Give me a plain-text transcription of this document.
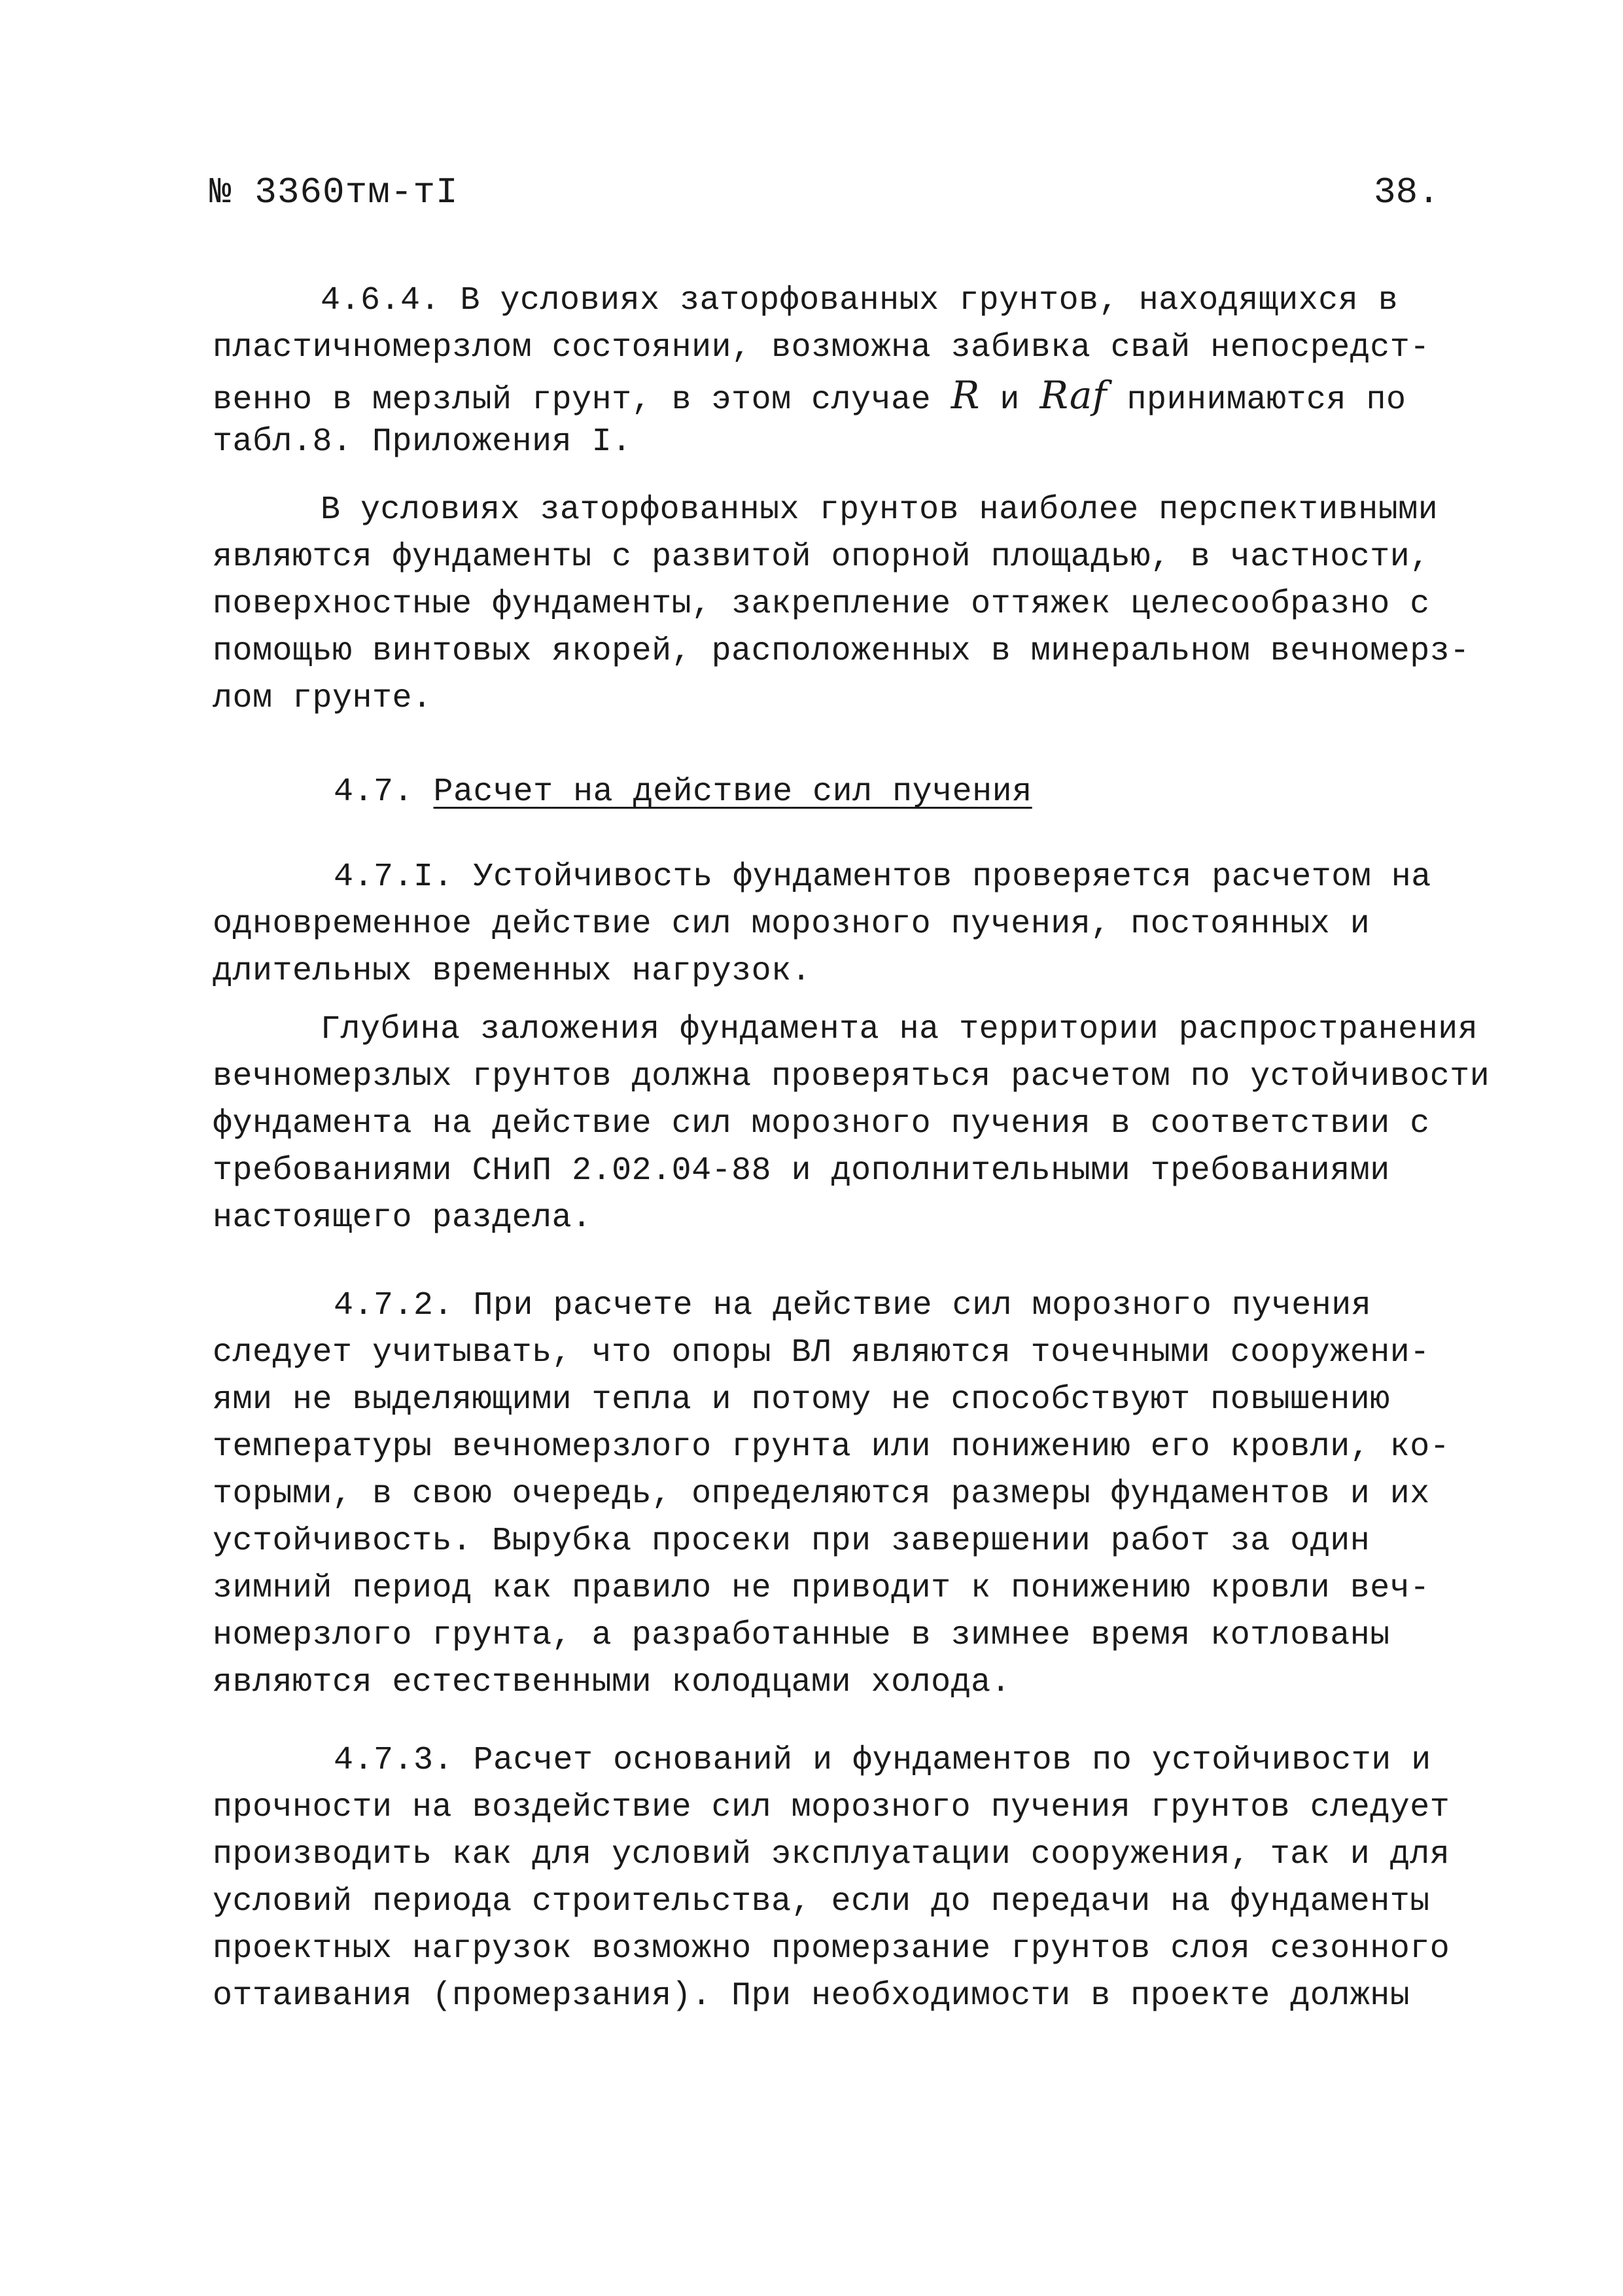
№ 3360тм-тI	38.
4.6.4. В условиях заторфованных грунтов, находящихся в
пластичномерзлом состоянии, возможна забивка свай непосредст-
венно в мерзлый грунт, в этом случае R и Raf принимаются по
табл.8. Приложения I.
В условиях заторфованных грунтов наиболее перспективными
являются фундаменты с развитой опорной площадью, в частности,
поверхностные фундаменты, закрепление оттяжек целесообразно с
помощью винтовых якорей, расположенных в минеральном вечномерз-
лом грунте.
4.7. Расчет на действие сил пучения
4.7.I. Устойчивость фундаментов проверяется расчетом на
одновременное действие сил морозного пучения, постоянных и
длительных временных нагрузок.
Глубина заложения фундамента на территории распространения
вечномерзлых грунтов должна проверяться расчетом по устойчивости
фундамента на действие сил морозного пучения в соответствии с
требованиями СНиП 2.02.04-88 и дополнительными требованиями
настоящего раздела.
4.7.2. При расчете на действие сил морозного пучения
следует учитывать, что опоры ВЛ являются точечными сооружени-
ями не выделяющими тепла и потому не способствуют повышению
температуры вечномерзлого грунта или понижению его кровли, ко-
торыми, в свою очередь, определяются размеры фундаментов и их
устойчивость. Вырубка просеки при завершении работ за один
зимний период как правило не приводит к понижению кровли веч-
номерзлого грунта, а разработанные в зимнее время котлованы
являются естественными колодцами холода.
4.7.3. Расчет оснований и фундаментов по устойчивости и
прочности на воздействие сил морозного пучения грунтов следует
производить как для условий эксплуатации сооружения, так и для
условий периода строительства, если до передачи на фундаменты
проектных нагрузок возможно промерзание грунтов слоя сезонного
оттаивания (промерзания). При необходимости в проекте должны
